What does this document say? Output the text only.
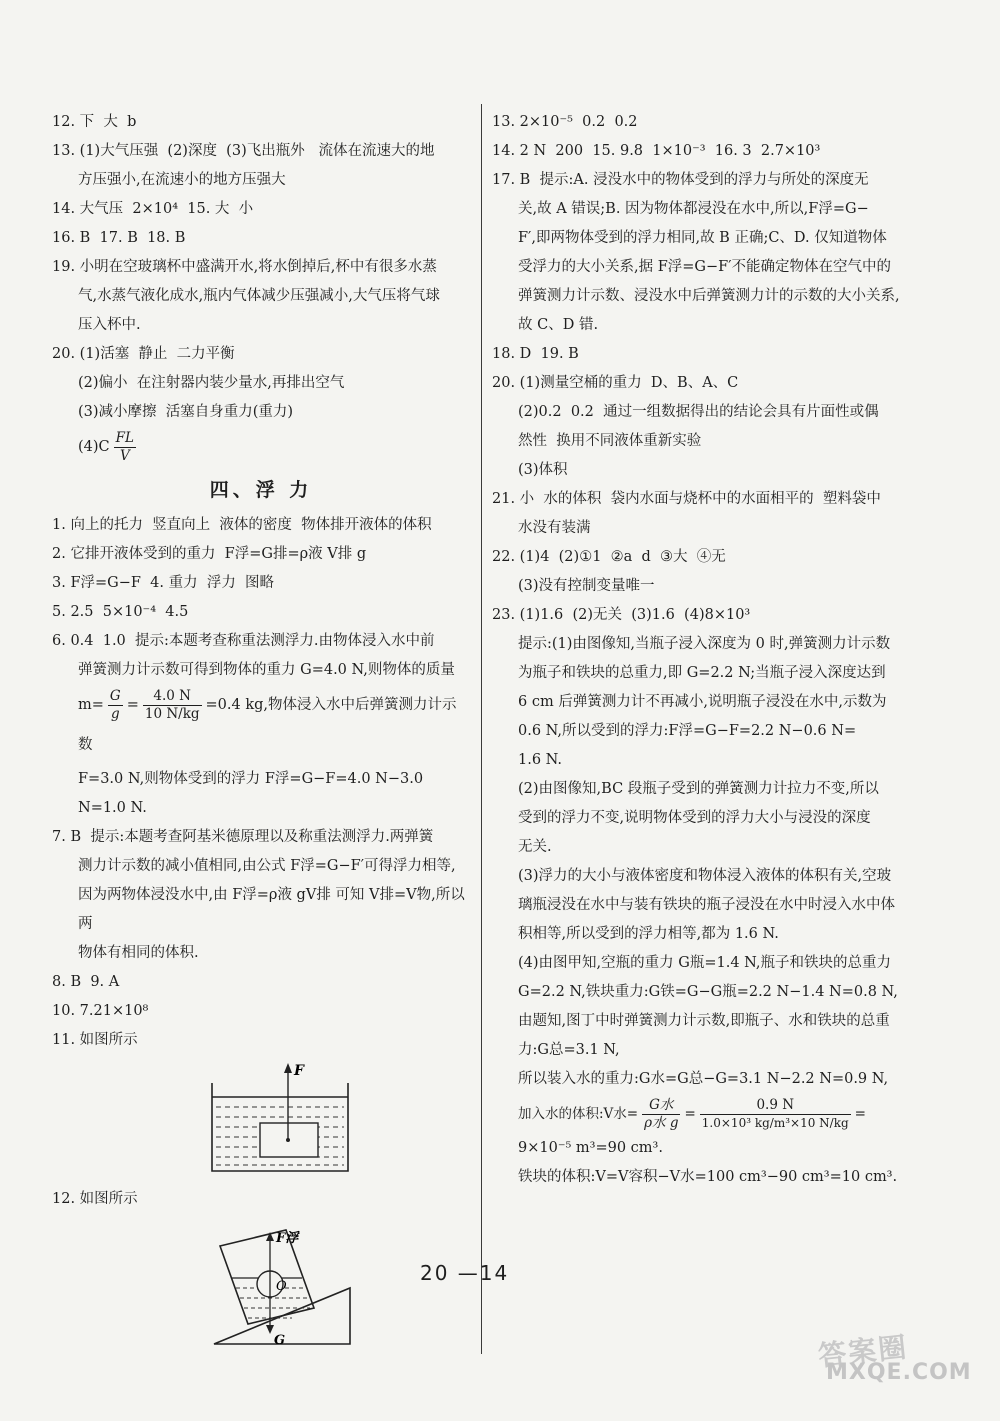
12. 下  大  b

13. (1)大气压强  (2)深度  (3)飞出瓶外   流体在流速大的地

方压强小,在流速小的地方压强大

14. 大气压  2×10⁴  15. 大  小

16. B  17. B  18. B

19. 小明在空玻璃杯中盛满开水,将水倒掉后,杯中有很多水蒸

气,水蒸气液化成水,瓶内气体减少压强减小,大气压将气球

压入杯中.

20. (1)活塞  静止  二力平衡

(2)偏小  在注射器内装少量水,再排出空气

(3)减小摩擦  活塞自身重力(重力)

$(4)C \frac{FL}{V}$

四、浮 力

1. 向上的托力  竖直向上  液体的密度  物体排开液体的体积

2. 它排开液体受到的重力  F浮=G排=ρ液 V排 g

3. F浮=G−F  4. 重力  浮力  图略

5. 2.5  5×10⁻⁴  4.5

6. 0.4  1.0  提示:本题考查称重法测浮力.由物体浸入水中前

弹簧测力计示数可得到物体的重力 G=4.0 N,则物体的质量

$m= \frac{G}{g} = \frac{4.0 N}{10 N/kg} =0.4$ kg,物体浸入水中后弹簧测力计示数

F=3.0 N,则物体受到的浮力 F浮=G−F=4.0 N−3.0 N=1.0 N.

7. B  提示:本题考查阿基米德原理以及称重法测浮力.两弹簧

测力计示数的减小值相同,由公式 F浮=G−F′可得浮力相等,

因为两物体浸没水中,由 F浮=ρ液 gV排 可知 V排=V物,所以两

物体有相同的体积.

8. B  9. A

10. 7.21×10⁸

11. 如图所示

F

12. 如图所示

F浮
O
G

13. 2×10⁻⁵  0.2  0.2

14. 2 N  200  15. 9.8  1×10⁻³  16. 3  2.7×10³

17. B  提示:A. 浸没水中的物体受到的浮力与所处的深度无

关,故 A 错误;B. 因为物体都浸没在水中,所以,F浮=G−

F′,即两物体受到的浮力相同,故 B 正确;C、D. 仅知道物体

受浮力的大小关系,据 F浮=G−F′不能确定物体在空气中的

弹簧测力计示数、浸没水中后弹簧测力计的示数的大小关系,

故 C、D 错.

18. D  19. B

20. (1)测量空桶的重力  D、B、A、C

(2)0.2  0.2  通过一组数据得出的结论会具有片面性或偶

然性  换用不同液体重新实验

(3)体积

21. 小  水的体积  袋内水面与烧杯中的水面相平的  塑料袋中

水没有装满

22. (1)4  (2)①1  ②a  d  ③大  ④无

(3)没有控制变量唯一

23. (1)1.6  (2)无关  (3)1.6  (4)8×10³

提示:(1)由图像知,当瓶子浸入深度为 0 时,弹簧测力计示数

为瓶子和铁块的总重力,即 G=2.2 N;当瓶子浸入深度达到

6 cm 后弹簧测力计不再减小,说明瓶子浸没在水中,示数为

0.6 N,所以受到的浮力:F浮=G−F=2.2 N−0.6 N=

1.6 N.

(2)由图像知,BC 段瓶子受到的弹簧测力计拉力不变,所以

受到的浮力不变,说明物体受到的浮力大小与浸没的深度

无关.

(3)浮力的大小与液体密度和物体浸入液体的体积有关,空玻

璃瓶浸没在水中与装有铁块的瓶子浸没在水中时浸入水中体

积相等,所以受到的浮力相等,都为 1.6 N.

(4)由图甲知,空瓶的重力 G瓶=1.4 N,瓶子和铁块的总重力

G=2.2 N,铁块重力:G铁=G−G瓶=2.2 N−1.4 N=0.8 N,

由题知,图丁中时弹簧测力计示数,即瓶子、水和铁块的总重

力:G总=3.1 N,

所以装入水的重力:G水=G总−G=3.1 N−2.2 N=0.9 N,

加入水的体积:V水= $\frac{\text{G水}}{\text{ρ水 g}} = \frac{0.9 N}{\text{1.0×10³ kg/m³×10 N/kg}}$ =

9×10⁻⁵ m³=90 cm³.

铁块的体积:V=V容积−V水=100 cm³−90 cm³=10 cm³.

20 —14
答案圈
MXQE.COM
